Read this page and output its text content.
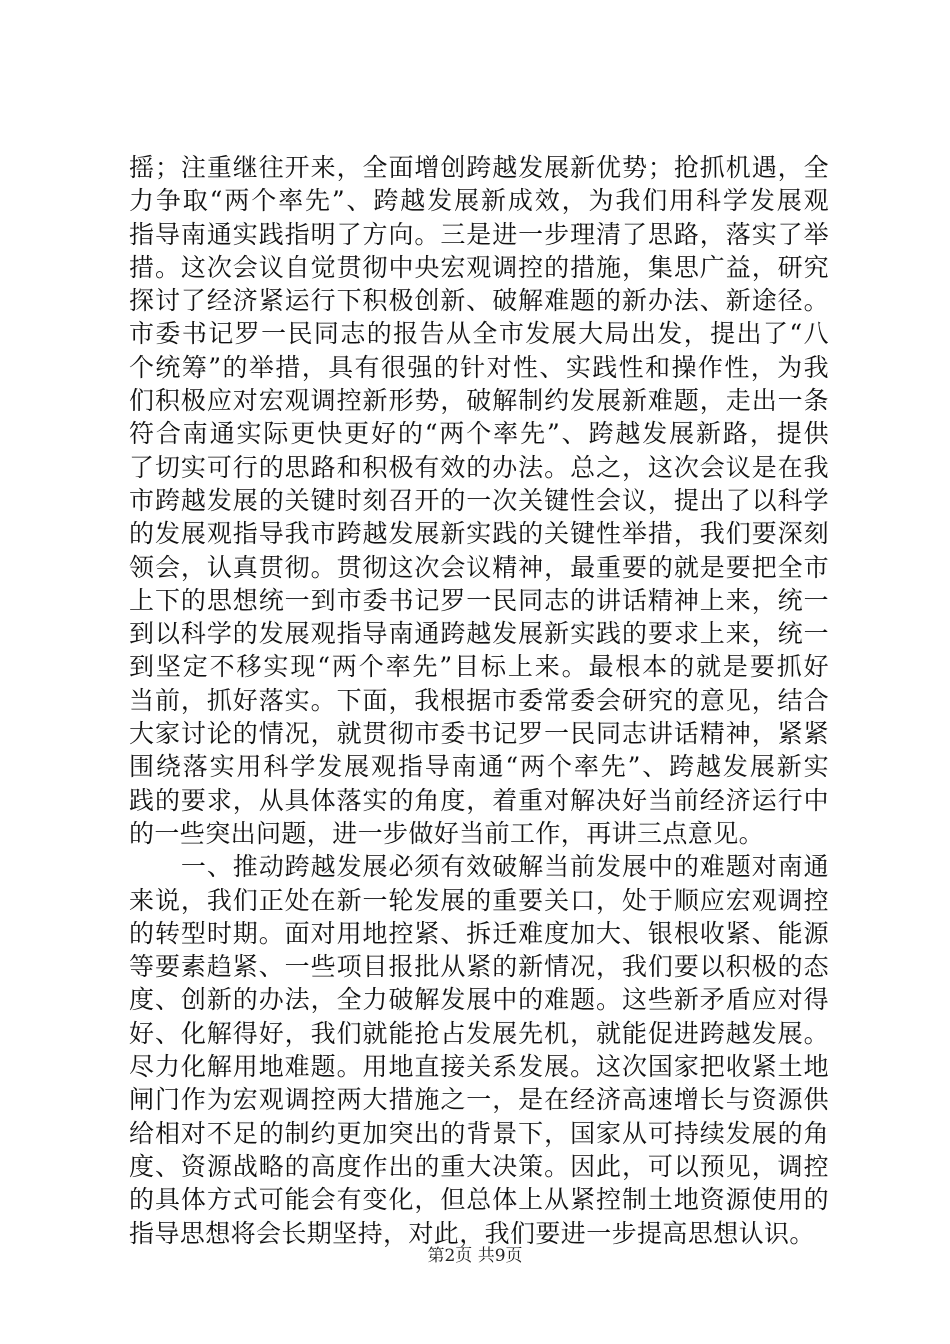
摇；注重继往开来，全面增创跨越发展新优势；抢抓机遇，全
力争取“两个率先”、跨越发展新成效，为我们用科学发展观
指导南通实践指明了方向。三是进一步理清了思路，落实了举
措。这次会议自觉贯彻中央宏观调控的措施，集思广益，研究
探讨了经济紧运行下积极创新、破解难题的新办法、新途径。
市委书记罗一民同志的报告从全市发展大局出发，提出了“八
个统筹”的举措，具有很强的针对性、实践性和操作性，为我
们积极应对宏观调控新形势，破解制约发展新难题，走出一条
符合南通实际更快更好的“两个率先”、跨越发展新路，提供
了切实可行的思路和积极有效的办法。总之，这次会议是在我
市跨越发展的关键时刻召开的一次关键性会议，提出了以科学
的发展观指导我市跨越发展新实践的关键性举措，我们要深刻
领会，认真贯彻。贯彻这次会议精神，最重要的就是要把全市
上下的思想统一到市委书记罗一民同志的讲话精神上来，统一
到以科学的发展观指导南通跨越发展新实践的要求上来，统一
到坚定不移实现“两个率先”目标上来。最根本的就是要抓好
当前，抓好落实。下面，我根据市委常委会研究的意见，结合
大家讨论的情况，就贯彻市委书记罗一民同志讲话精神，紧紧
围绕落实用科学发展观指导南通“两个率先”、跨越发展新实
践的要求，从具体落实的角度，着重对解决好当前经济运行中
的一些突出问题，进一步做好当前工作，再讲三点意见。
　　一、推动跨越发展必须有效破解当前发展中的难题对南通
来说，我们正处在新一轮发展的重要关口，处于顺应宏观调控
的转型时期。面对用地控紧、拆迁难度加大、银根收紧、能源
等要素趋紧、一些项目报批从紧的新情况，我们要以积极的态
度、创新的办法，全力破解发展中的难题。这些新矛盾应对得
好、化解得好，我们就能抢占发展先机，就能促进跨越发展。
尽力化解用地难题。用地直接关系发展。这次国家把收紧土地
闸门作为宏观调控两大措施之一，是在经济高速增长与资源供
给相对不足的制约更加突出的背景下，国家从可持续发展的角
度、资源战略的高度作出的重大决策。因此，可以预见，调控
的具体方式可能会有变化，但总体上从紧控制土地资源使用的
指导思想将会长期坚持，对此，我们要进一步提高思想认识。
第2页 共9页
